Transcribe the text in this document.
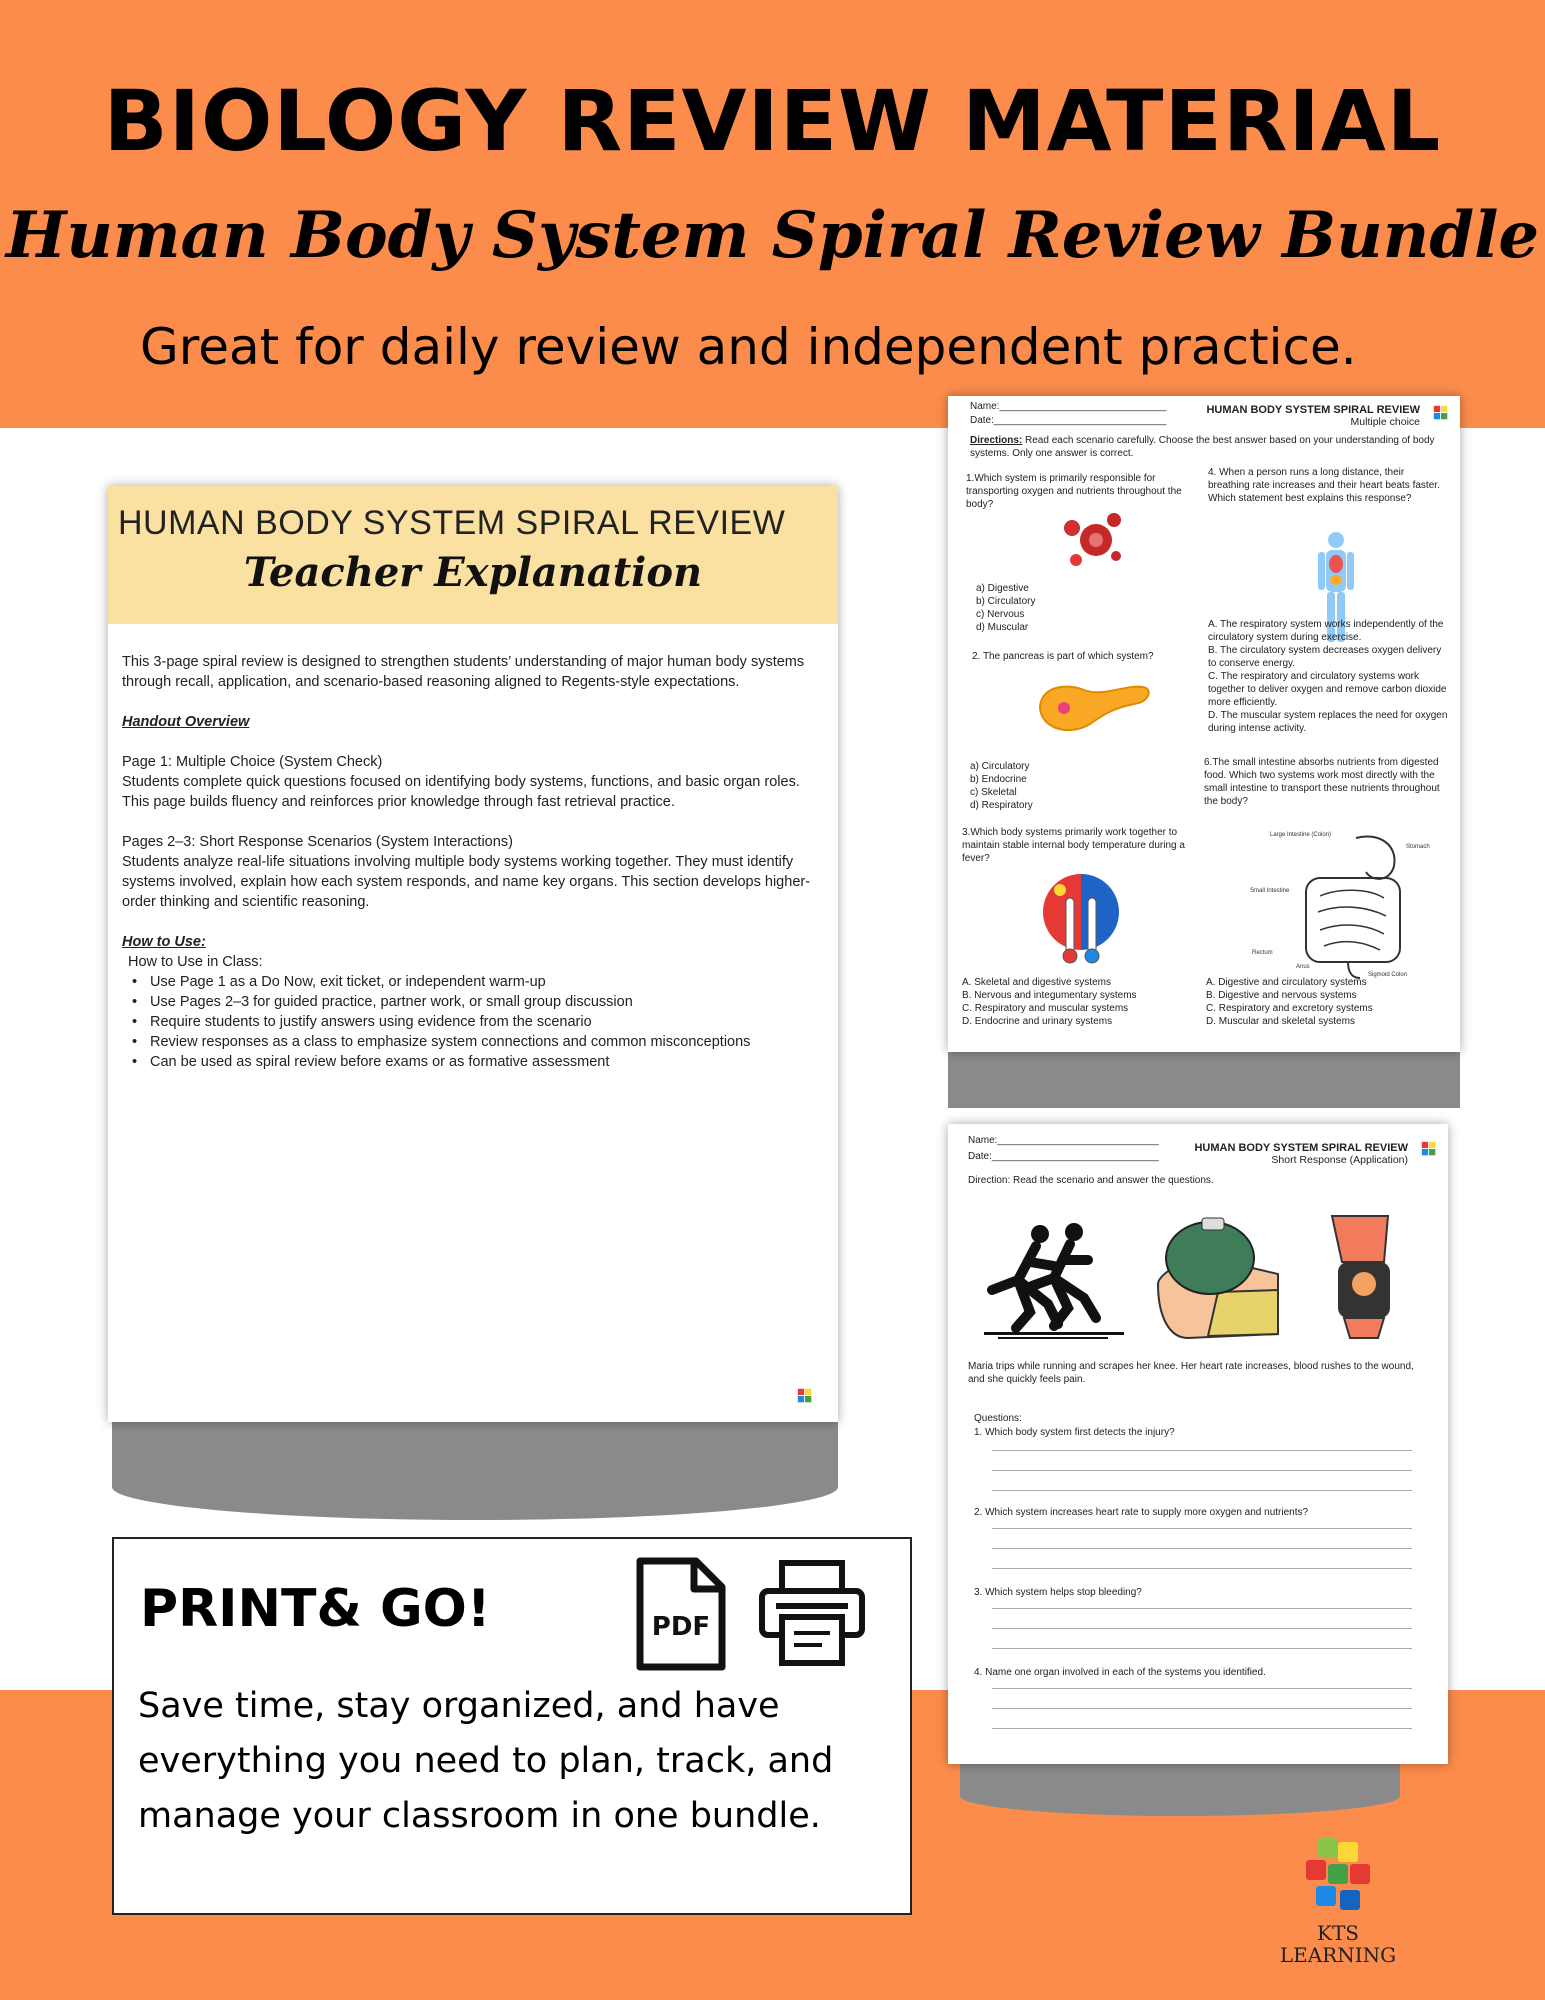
BIOLOGY REVIEW MATERIAL
Human Body System Spiral Review Bundle
Great for daily review and independent practice.
HUMAN BODY SYSTEM SPIRAL REVIEW
Teacher Explanation

This 3-page spiral review is designed to strengthen students’ understanding of major human body systems through recall, application, and scenario-based reasoning aligned to Regents-style expectations.

Handout Overview

Page 1: Multiple Choice (System Check)
Students complete quick questions focused on identifying body systems, functions, and basic organ roles. This page builds fluency and reinforces prior knowledge through fast retrieval practice.

Pages 2–3: Short Response Scenarios (System Interactions)
Students analyze real-life situations involving multiple body systems working together. They must identify systems involved, explain how each system responds, and name key organs. This section develops higher-order thinking and scientific reasoning.

How to Use:
How to Use in Class:
• Use Page 1 as a Do Now, exit ticket, or independent warm-up
• Use Pages 2–3 for guided practice, partner work, or small group discussion
• Require students to justify answers using evidence from the scenario
• Review responses as a class to emphasize system connections and common misconceptions
• Can be used as spiral review before exams or as formative assessment
Name:______________________________
Date:_______________________________
HUMAN BODY SYSTEM SPIRAL REVIEW
Multiple choice
Directions: Read each scenario carefully. Choose the best answer based on your understanding of body systems. Only one answer is correct.
1.Which system is primarily responsible for transporting oxygen and nutrients throughout the body?
a) Digestive
b) Circulatory
c) Nervous
d) Muscular
2. The pancreas is part of which system?
a) Circulatory
b) Endocrine
c) Skeletal
d) Respiratory
3.Which body systems primarily work together to maintain stable internal body temperature during a fever?
A. Skeletal and digestive systems
B. Nervous and integumentary systems
C. Respiratory and muscular systems
D. Endocrine and urinary systems
4. When a person runs a long distance, their breathing rate increases and their heart beats faster. Which statement best explains this response?
A. The respiratory system works independently of the circulatory system during exercise.
B. The circulatory system decreases oxygen delivery to conserve energy.
C. The respiratory and circulatory systems work together to deliver oxygen and remove carbon dioxide more efficiently.
D. The muscular system replaces the need for oxygen during intense activity.
6.The small intestine absorbs nutrients from digested food. Which two systems work most directly with the small intestine to transport these nutrients throughout the body?
Large Intestine (Colon)
Stomach
Small Intestine
Rectum
Anus
Sigmoid Colon
A. Digestive and circulatory systems
B. Digestive and nervous systems
C. Respiratory and excretory systems
D. Muscular and skeletal systems
Name:_____________________________
Date:______________________________
HUMAN BODY SYSTEM SPIRAL REVIEW
Short Response (Application)
Direction: Read the scenario and answer the questions.
Maria trips while running and scrapes her knee. Her heart rate increases, blood rushes to the wound, and she quickly feels pain.
Questions:
1. Which body system first detects the injury?
2. Which system increases heart rate to supply more oxygen and nutrients?
3. Which system helps stop bleeding?
4. Name one organ involved in each of the systems you identified.
PRINT& GO!	PDF
Save time, stay organized, and have everything you need to plan, track, and manage your classroom in one bundle.
KTS
LEARNING
